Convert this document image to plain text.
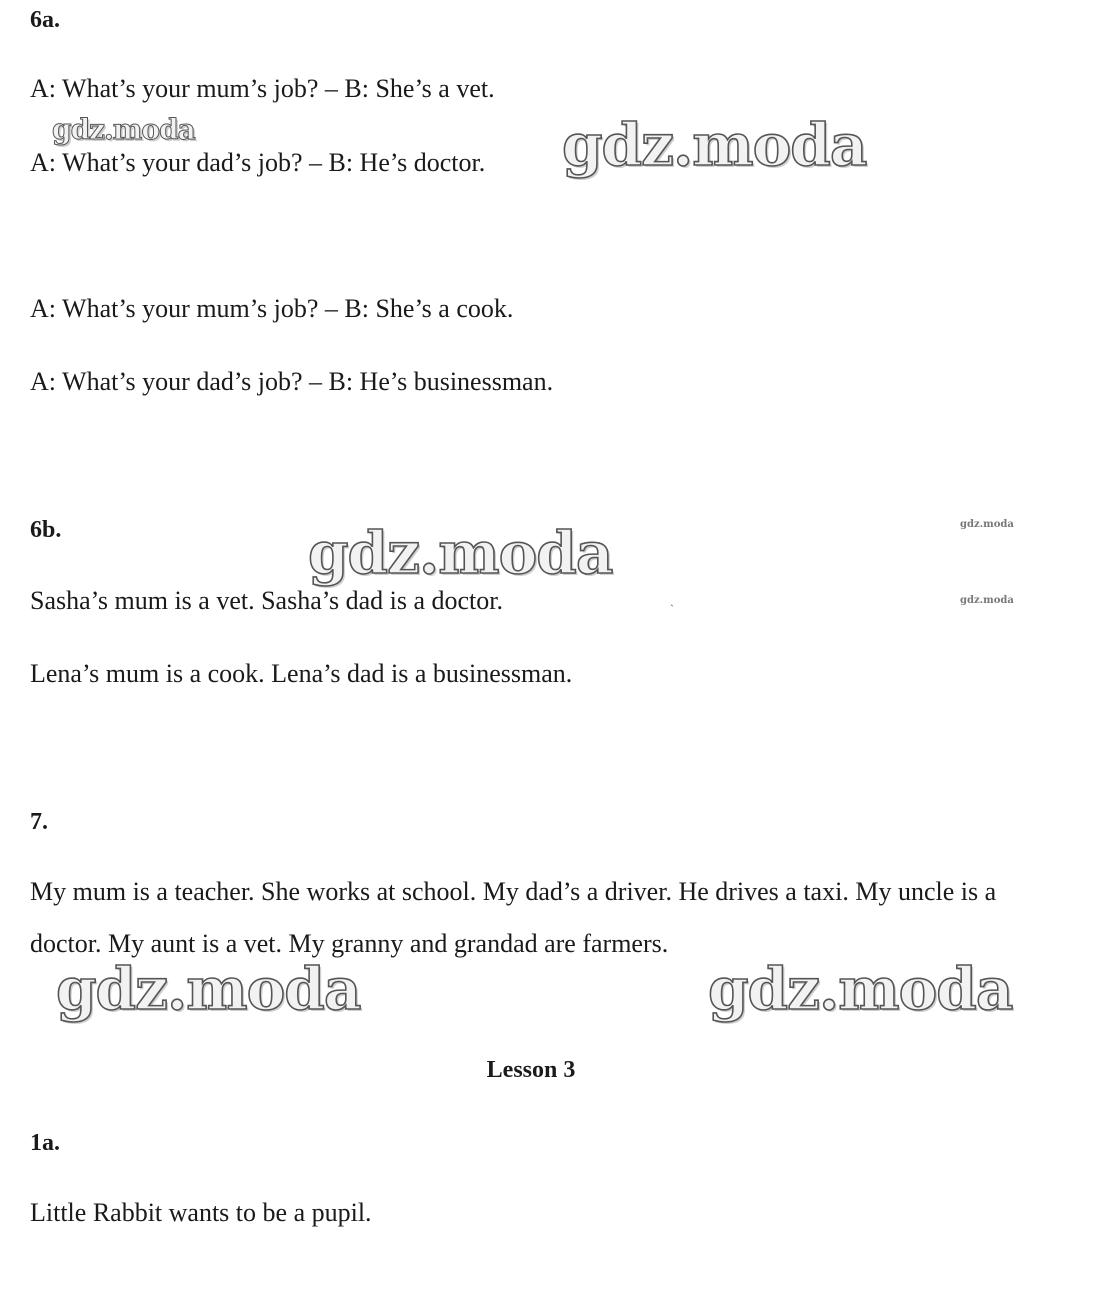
6a.
A: What’s your mum’s job? – B: She’s a vet.
A: What’s your dad’s job? – B: He’s doctor.
A: What’s your mum’s job? – B: She’s a cook.
A: What’s your dad’s job? – B: He’s businessman.
6b.
Sasha’s mum is a vet. Sasha’s dad is a doctor.
Lena’s mum is a cook. Lena’s dad is a businessman.
ˎ
7.
My mum is a teacher. She works at school. My dad’s a driver. He drives a taxi. My uncle is a doctor. My aunt is a vet. My granny and grandad are farmers.
Lesson 3
1a.
Little Rabbit wants to be a pupil.
gdz.moda	gdz.moda
gdz.moda
gdz.moda	gdz.moda
gdz.moda
gdz.moda
